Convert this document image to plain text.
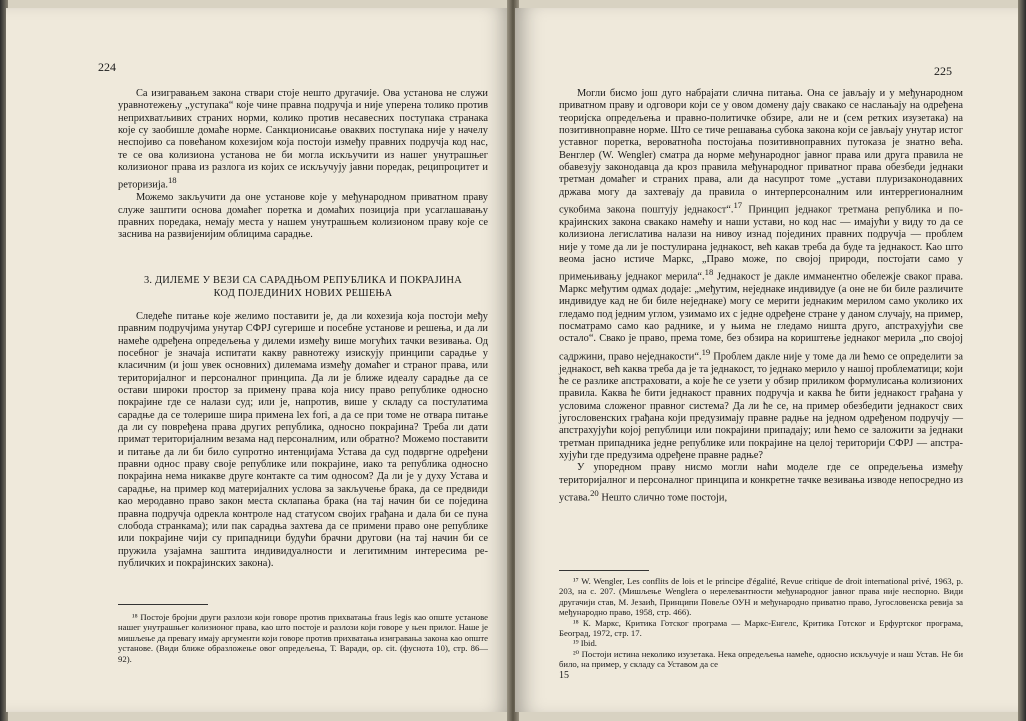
224

Са изигравањем закона ствари стоје нешто другачије. Ова установа не служи уравнотежењу „уступака“ које чине правна подручја и није уперена толико против неприхватљивих страних норми, колико против несавесних поступака странака које су заобишле домаће норме. Санкционисање оваквих поступака није у начелу неспојиво са повећаном кохезијом која постоји између правних подручја код нас, те се ова колизиона установа не би могла искључити из нашег унутрашњег колизионог права из разлога из којих се искључују јавни поредак, реципроцитет и реторизија.$^{18}$

Можемо закључити да оне установе које у међународном приватном праву служе заштити основа домаћег поретка и домаћих позиција при усаглашавању правних поредака, немају места у нашем унутрашњем колизионом праву које се заснива на развијенијим облицима сарадње.

3. ДИЛЕМЕ У ВЕЗИ СА САРАДЊОМ РЕПУБЛИКА И ПОКРАЈИНА
КОД ПОЈЕДИНИХ НОВИХ РЕШЕЊА

Следеће питање које желимо поставити је, да ли кохезија која постоји међу правним подручјима унутар СФРЈ сугерише и посебне установе и решења, и да ли намеће одређена опредељења у дилеми између више могућих тачки везивања. Од посебног је значаја испитати какву равнотежу изискују принципи сарадње у класичним (и још увек основних) дилемама између домаћег и страног права, или територијалног и персоналног принципа. Да ли је ближе идеалу сарадње да се остави широки простор за примену права која нису право републике односно покрајине где се налази суд; или је, напротив, више у складу са постулатима сарадње да се толерише шира примена lex fori, а да се при томе не отвара питање да ли су повређена права других република, односно покрајина? Треба ли дати примат територијалним везама над персоналним, или обратно? Можемо поставити и питање да ли би било супротно интенцијама Устава да суд подвргне одређени правни однос праву своје републике или покрајине, иако та република односно покрајина нема никакве друге контакте са тим односом? Да ли је у духу Устава и сарадње, на пример код материјалних услова за закључење брака, да се предвиди као меродавно право закон места склапања брака (на тај начин би се појединa правна подручја одрекла контроле над статусом својих грађана и дала би се пуна слобода странкама); или пак сарадња захтева да се примени право оне републике или покрајине чији су припадници будући брачни другови (на тај начин би се пружила узајамна заштита индивидуалности и легитимним интересима републичких и покрајинских закона).

¹⁸ Постоје бројни други разлози који говоре против прихватања fraus legis као опште установе нашег унутрашњег колизионог права, као што постоје и разлози који говоре у њен прилог. Наше је мишљење да превагу имају аргументи који говоре против прихватања изигравања закона као опште установе. (Види ближе образложење овог опредељења, Т. Варади, op. cit. (фуснота 10), стр. 86—92).

225

Могли бисмо још дуго набрајати слична питања. Она се јављају и у међународном приватном праву и одговори који се у овом домену дају свакако се наслањају на одређена теоријска опредељења и правно-политичке обзире, али не и (сем ретких изузетака) на позитивноправне норме. Што се тиче решавања субока закона који се јављају унутар истог уставног поретка, вероватноћа постојања позитивноправних путоказа је знатно већа. Венглер (W. Wengler) сматра да норме међународног јавног права или друга правила не обавезују законодавца да кроз правила међународног приватног права обезбеди једнаки третман домаћег и страних права, али да насупрот томе „устави плуризаконодавних држава могу да захтевају да правила о интерперсоналним или интеррегионалним сукобима закона поштују једнакост“.$^{17}$ Принцип једнаког третмана република и покрајинских закона свакако намећу и наши устави, но код нас — имајући у виду то да се колизиона легислатива налази на нивоу изнад појединих правних подручја — проблем није у томе да ли је постулирана једнакост, већ какав треба да буде та једнакост. Као што веома јасно истиче Маркс, „Право може, по својој природи, постојати само у примењивању једнаког мерила“.$^{18}$ Једнакост је дакле имманентно обележје сваког права. Маркс међутим одмах додаје: „међутим, неједнаке индивидуе (а оне не би биле различите индивидуе кад не би биле неједнаке) могу се мерити једнаким мерилом само уколико их гледамо под једним углом, узимамо их с једне одређене стране у даном случају, на пример, посматрамо само као раднике, и у њима не гледамо ништа друго, апстрахујући све остало“. Свако је право, према томе, без обзира на кориштење једнаког мерила „по својој садржини, право неједнакости“.$^{19}$ Проблем дакле није у томе да ли ћемо се определити за једнакост, већ каква треба да је та једнакост, то једнако мерило у нашој проблематици; који ће се разлике апстраховати, а које ће се узети у обзир приликом формулисања колизионих правила. Каква ће бити једнакост правних подручја и каква ће бити једнакост грађана у условима сложеног правног система? Да ли ће се, на пример обезбедити једнакост свих југословенских грађана који предузимају правне радње на једном одређеном подручју — апстрахујући којој републици или покрајини припадају; или ћемо се заложити за једнаки третман припадника једне републике или покрајине на целој територији СФРЈ — апстрахујући где предузима одређене правне радње?

У упоредном праву нисмо могли наћи моделе где се опредељења између територијалног и персоналног принципа и конкретне тачке везивања изводе непосредно из устава.$^{20}$ Нешто слично томе постоји,

¹⁷ W. Wengler, Les conflits de lois et le principe d'égalité, Revue critique de droit international privé, 1963, p. 203, на с. 207. (Мишљење Wenglera о нерелевантности међународног јавног права није неспорно. Види другачији став, М. Језаић, Принципи Повеље ОУН и међународно приватно право, Југословенска ревија за међународно право, 1958, стр. 466).

¹⁸ К. Маркс, Критика Готског програма — Маркс-Енгелс, Критика Готског и Ерфуртског програма, Београд, 1972, стр. 17.

¹⁹ Ibid.

²⁰ Постоји истина неколико изузетака. Нека опредељења намеће, односно искључује и наш Устав. Не би било, на пример, у складу са Уставом да се

15
